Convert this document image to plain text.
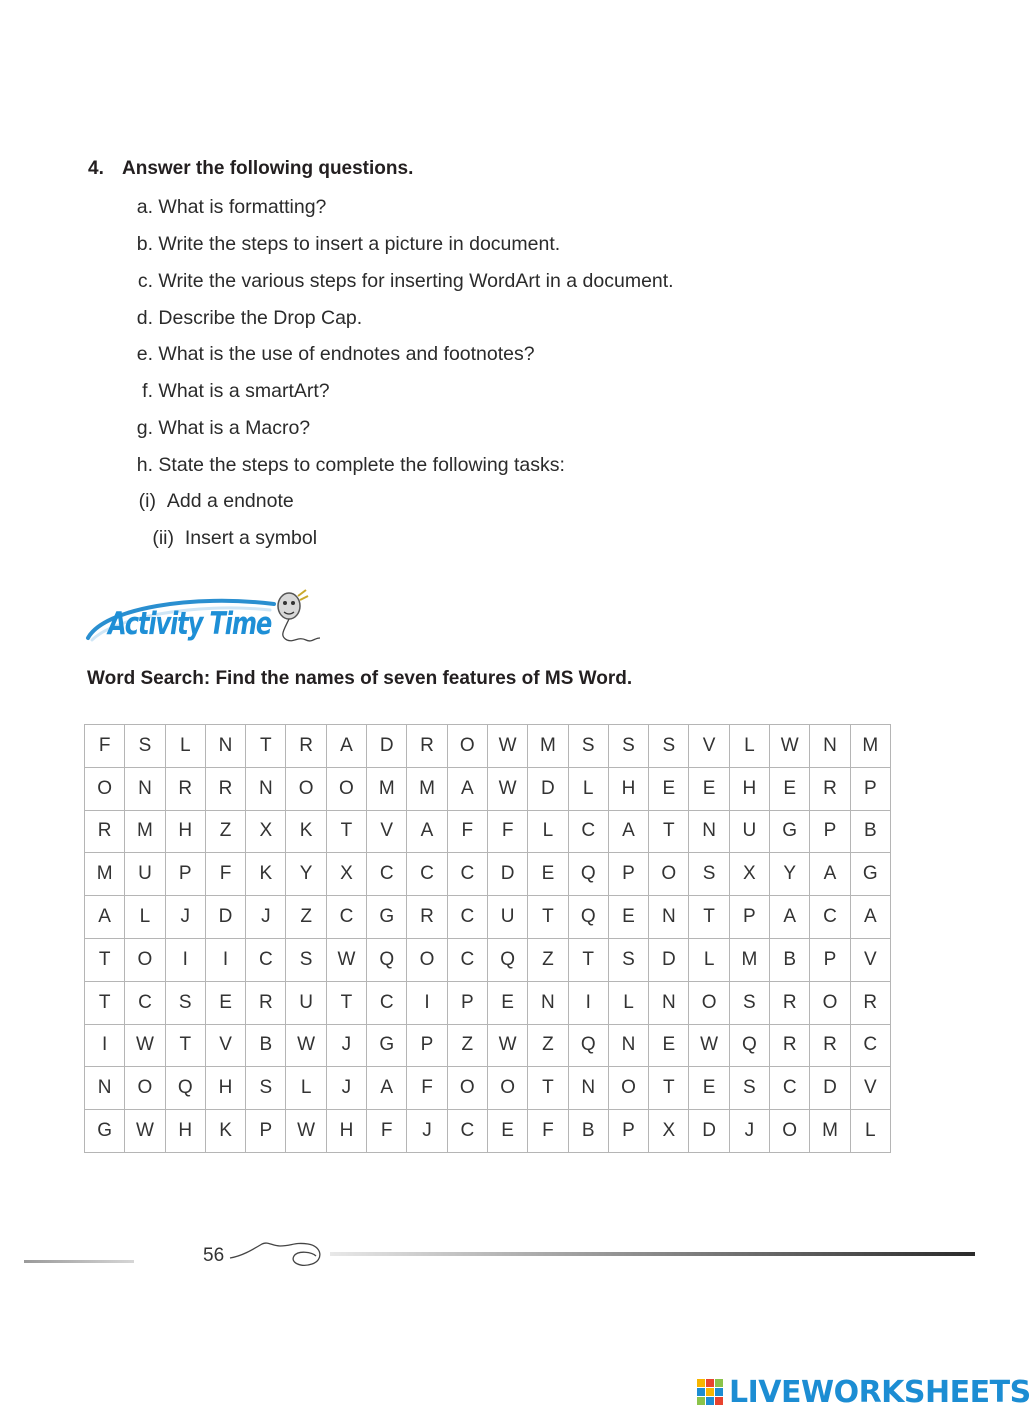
4. Answer the following questions.
a. What is formatting?
b. Write the steps to insert a picture in document.
c. Write the various steps for inserting WordArt in a document.
d. Describe the Drop Cap.
e. What is the use of endnotes and footnotes?
f. What is a smartArt?
g. What is a Macro?
h. State the steps to complete the following tasks:
(i) Add a endnote
(ii) Insert a symbol
Activity Time
Word Search: Find the names of seven features of MS Word.
F	S	L	N	T	R	A	D	R	O	W	M	S	S	S	V	L	W	N	M
O	N	R	R	N	O	O	M	M	A	W	D	L	H	E	E	H	E	R	P
R	M	H	Z	X	K	T	V	A	F	F	L	C	A	T	N	U	G	P	B
M	U	P	F	K	Y	X	C	C	C	D	E	Q	P	O	S	X	Y	A	G
A	L	J	D	J	Z	C	G	R	C	U	T	Q	E	N	T	P	A	C	A
T	O	I	I	C	S	W	Q	O	C	Q	Z	T	S	D	L	M	B	P	V
T	C	S	E	R	U	T	C	I	P	E	N	I	L	N	O	S	R	O	R
I	W	T	V	B	W	J	G	P	Z	W	Z	Q	N	E	W	Q	R	R	C
N	O	Q	H	S	L	J	A	F	O	O	T	N	O	T	E	S	C	D	V
G	W	H	K	P	W	H	F	J	C	E	F	B	P	X	D	J	O	M	L
56
LIVEWORKSHEETS
